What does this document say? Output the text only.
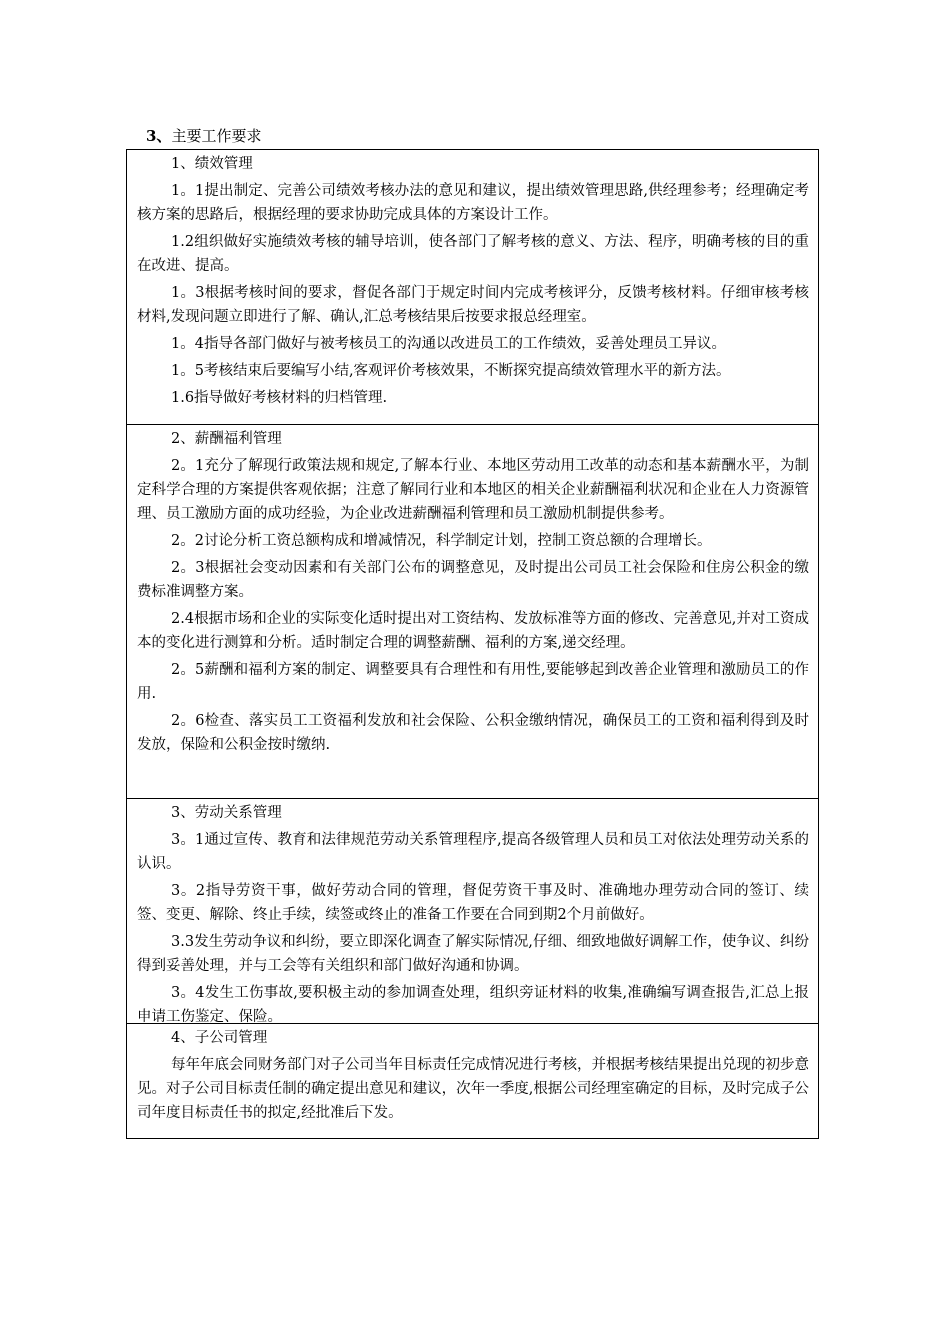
3、主要工作要求

1、绩效管理

1。1提出制定、完善公司绩效考核办法的意见和建议，提出绩效管理思路,供经理参考；经理确定考核方案的思路后，根据经理的要求协助完成具体的方案设计工作。

1.2组织做好实施绩效考核的辅导培训，使各部门了解考核的意义、方法、程序，明确考核的目的重在改进、提高。

1。3根据考核时间的要求，督促各部门于规定时间内完成考核评分，反馈考核材料。仔细审核考核材料,发现问题立即进行了解、确认,汇总考核结果后按要求报总经理室。

1。4指导各部门做好与被考核员工的沟通以改进员工的工作绩效，妥善处理员工异议。

1。5考核结束后要编写小结,客观评价考核效果，不断探究提高绩效管理水平的新方法。

1.6指导做好考核材料的归档管理.

2、薪酬福利管理

2。1充分了解现行政策法规和规定,了解本行业、本地区劳动用工改革的动态和基本薪酬水平，为制定科学合理的方案提供客观依据；注意了解同行业和本地区的相关企业薪酬福利状况和企业在人力资源管理、员工激励方面的成功经验，为企业改进薪酬福利管理和员工激励机制提供参考。

2。2讨论分析工资总额构成和增减情况，科学制定计划，控制工资总额的合理增长。

2。3根据社会变动因素和有关部门公布的调整意见，及时提出公司员工社会保险和住房公积金的缴费标准调整方案。

2.4根据市场和企业的实际变化适时提出对工资结构、发放标准等方面的修改、完善意见,并对工资成本的变化进行测算和分析。适时制定合理的调整薪酬、福利的方案,递交经理。

2。5薪酬和福利方案的制定、调整要具有合理性和有用性,要能够起到改善企业管理和激励员工的作用.

2。6检查、落实员工工资福利发放和社会保险、公积金缴纳情况，确保员工的工资和福利得到及时发放，保险和公积金按时缴纳.

3、劳动关系管理

3。1通过宣传、教育和法律规范劳动关系管理程序,提高各级管理人员和员工对依法处理劳动关系的认识。

3。2指导劳资干事，做好劳动合同的管理，督促劳资干事及时、准确地办理劳动合同的签订、续签、变更、解除、终止手续，续签或终止的准备工作要在合同到期2个月前做好。

3.3发生劳动争议和纠纷，要立即深化调查了解实际情况,仔细、细致地做好调解工作，使争议、纠纷得到妥善处理，并与工会等有关组织和部门做好沟通和协调。

3。4发生工伤事故,要积极主动的参加调查处理，组织旁证材料的收集,准确编写调查报告,汇总上报申请工伤鉴定、保险。

4、子公司管理

每年年底会同财务部门对子公司当年目标责任完成情况进行考核，并根据考核结果提出兑现的初步意见。对子公司目标责任制的确定提出意见和建议，次年一季度,根据公司经理室确定的目标，及时完成子公司年度目标责任书的拟定,经批准后下发。
